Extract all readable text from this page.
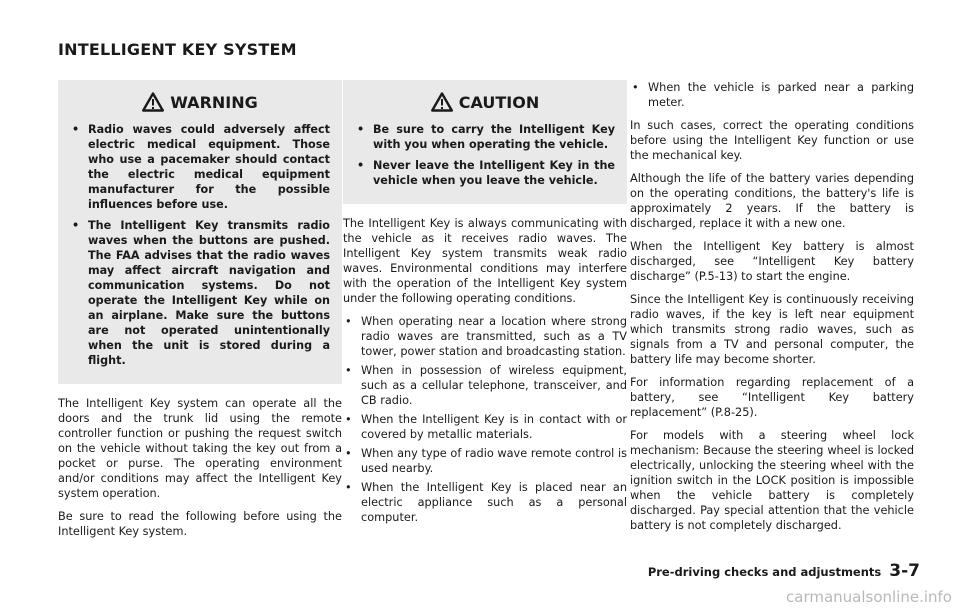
INTELLIGENT KEY SYSTEM
WARNING
• Radio waves could adversely affect electric medical equipment. Those who use a pacemaker should contact the electric medical equipment manufacturer for the possible influences before use.
• The Intelligent Key transmits radio waves when the buttons are pushed. The FAA advises that the radio waves may affect aircraft navigation and communication systems. Do not operate the Intelligent Key while on an airplane. Make sure the buttons are not operated unintentionally when the unit is stored during a flight.

The Intelligent Key system can operate all the doors and the trunk lid using the remote controller function or pushing the request switch on the vehicle without taking the key out from a pocket or purse. The operating environment and/or conditions may affect the Intelligent Key system operation.

Be sure to read the following before using the Intelligent Key system.

CAUTION
• Be sure to carry the Intelligent Key with you when operating the vehicle.
• Never leave the Intelligent Key in the vehicle when you leave the vehicle.

The Intelligent Key is always communicating with the vehicle as it receives radio waves. The Intelligent Key system transmits weak radio waves. Environmental conditions may interfere with the operation of the Intelligent Key system under the following operating conditions.

• When operating near a location where strong radio waves are transmitted, such as a TV tower, power station and broadcasting station.
• When in possession of wireless equipment, such as a cellular telephone, transceiver, and CB radio.
• When the Intelligent Key is in contact with or covered by metallic materials.
• When any type of radio wave remote control is used nearby.
• When the Intelligent Key is placed near an electric appliance such as a personal computer.
• When the vehicle is parked near a parking meter.

In such cases, correct the operating conditions before using the Intelligent Key function or use the mechanical key.

Although the life of the battery varies depending on the operating conditions, the battery's life is approximately 2 years. If the battery is discharged, replace it with a new one.

When the Intelligent Key battery is almost discharged, see “Intelligent Key battery discharge” (P.5-13) to start the engine.

Since the Intelligent Key is continuously receiving radio waves, if the key is left near equipment which transmits strong radio waves, such as signals from a TV and personal computer, the battery life may become shorter.

For information regarding replacement of a battery, see “Intelligent Key battery replacement” (P.8-25).

For models with a steering wheel lock mechanism: Because the steering wheel is locked electrically, unlocking the steering wheel with the ignition switch in the LOCK position is impossible when the vehicle battery is completely discharged. Pay special attention that the vehicle battery is not completely discharged.

Pre-driving checks and adjustments 3-7
carmanualsonline.info
